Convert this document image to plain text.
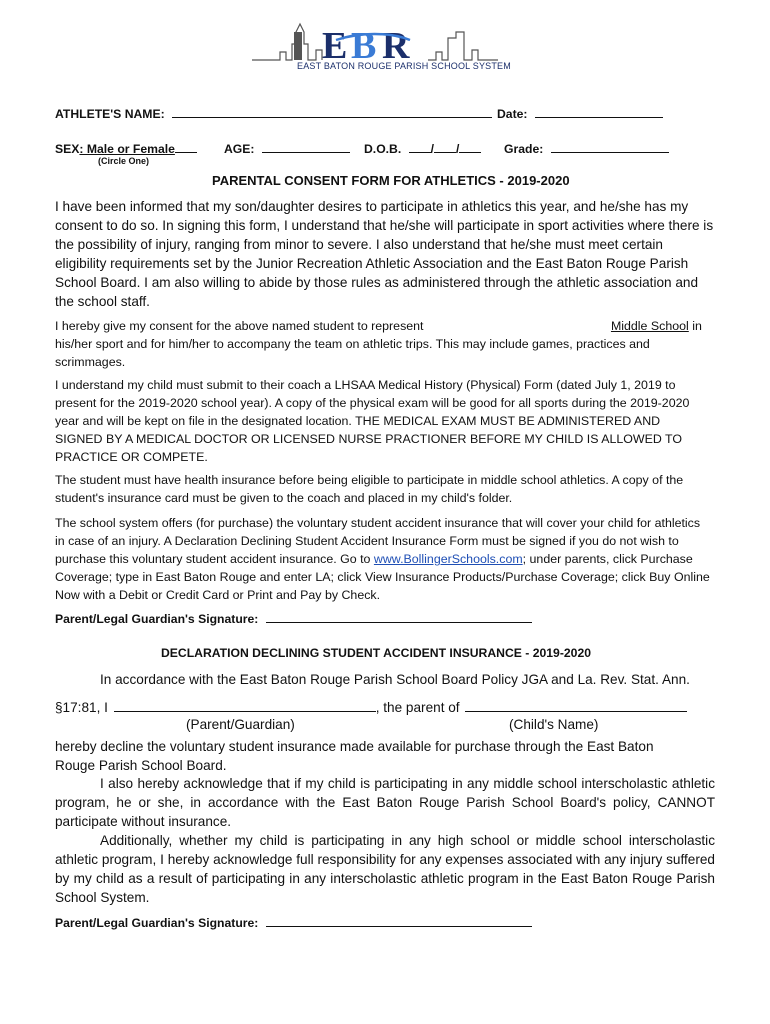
E B R
EAST BATON ROUGE PARISH SCHOOL SYSTEM
ATHLETE'S NAME:	Date:
SEX: Male or Female
(Circle One)
AGE:	D.O.B. / /	Grade:
PARENTAL CONSENT FORM FOR ATHLETICS - 2019-2020
I have been informed that my son/daughter desires to participate in athletics this year, and he/she has my consent to do so. In signing this form, I understand that he/she will participate in sport activities where there is the possibility of injury, ranging from minor to severe. I also understand that he/she must meet certain eligibility requirements set by the Junior Recreation Athletic Association and the East Baton Rouge Parish School Board. I am also willing to abide by those rules as administered through the athletic association and the school staff.
I hereby give my consent for the above named student to represent	Middle School in his/her sport and for him/her to accompany the team on athletic trips. This may include games, practices and scrimmages.
I understand my child must submit to their coach a LHSAA Medical History (Physical) Form (dated July 1, 2019 to present for the 2019-2020 school year). A copy of the physical exam will be good for all sports during the 2019-2020 year and will be kept on file in the designated location. THE MEDICAL EXAM MUST BE ADMINISTERED AND SIGNED BY A MEDICAL DOCTOR OR LICENSED NURSE PRACTIONER BEFORE MY CHILD IS ALLOWED TO PRACTICE OR COMPETE.
The student must have health insurance before being eligible to participate in middle school athletics. A copy of the student's insurance card must be given to the coach and placed in my child's folder.
The school system offers (for purchase) the voluntary student accident insurance that will cover your child for athletics in case of an injury. A Declaration Declining Student Accident Insurance Form must be signed if you do not wish to purchase this voluntary student accident insurance. Go to www.BollingerSchools.com; under parents, click Purchase Coverage; type in East Baton Rouge and enter LA; click View Insurance Products/Purchase Coverage; click Buy Online Now with a Debit or Credit Card or Print and Pay by Check.
Parent/Legal Guardian's Signature:
DECLARATION DECLINING STUDENT ACCIDENT INSURANCE - 2019-2020
In accordance with the East Baton Rouge Parish School Board Policy JGA and La. Rev. Stat. Ann.
§17:81, I	, the parent of
(Parent/Guardian)	(Child's Name)
hereby decline the voluntary student insurance made available for purchase through the East Baton Rouge Parish School Board.
I also hereby acknowledge that if my child is participating in any middle school interscholastic athletic program, he or she, in accordance with the East Baton Rouge Parish School Board's policy, CANNOT participate without insurance.
Additionally, whether my child is participating in any high school or middle school interscholastic athletic program, I hereby acknowledge full responsibility for any expenses associated with any injury suffered by my child as a result of participating in any interscholastic athletic program in the East Baton Rouge Parish School System.
Parent/Legal Guardian's Signature:
